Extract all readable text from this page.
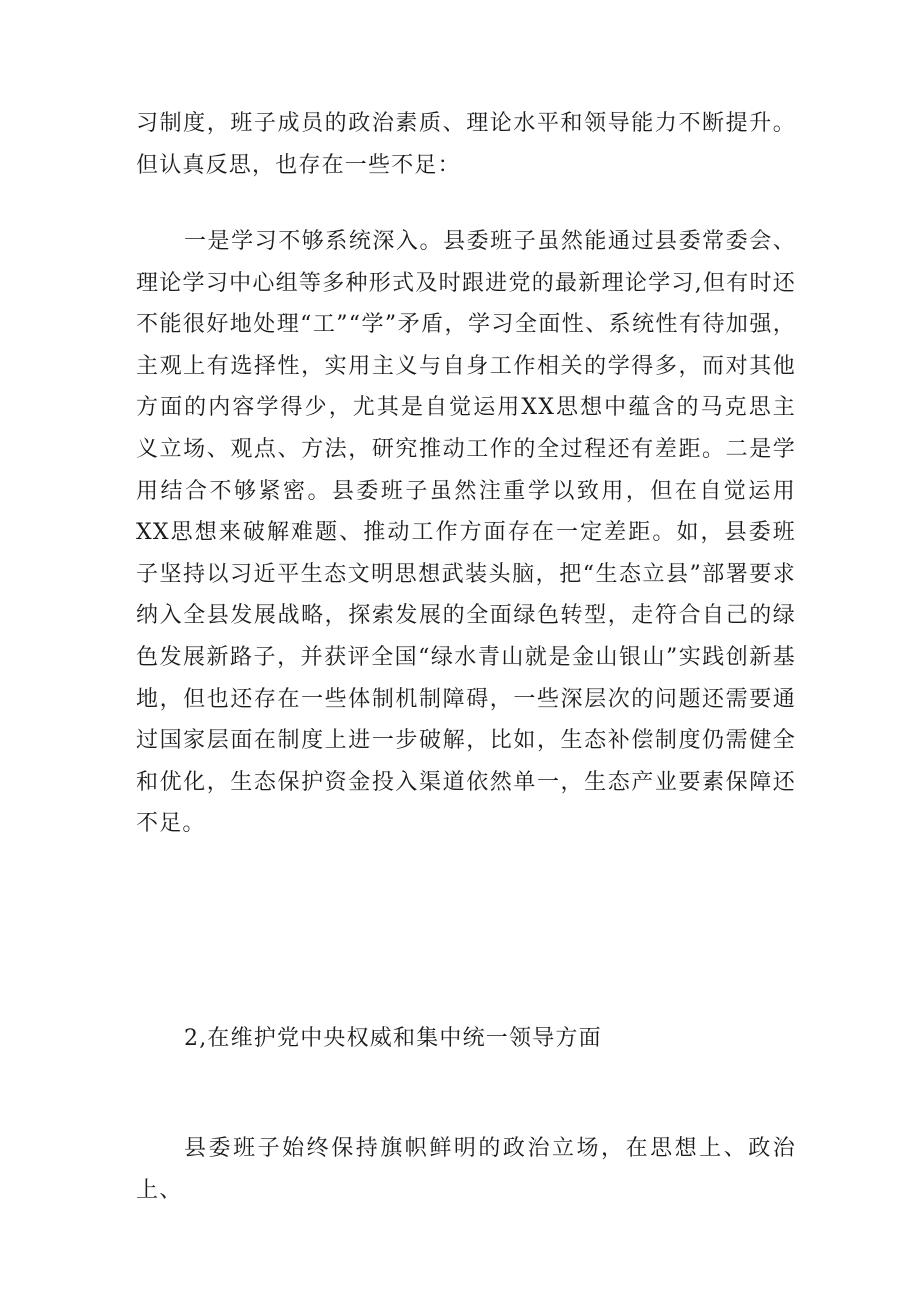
习制度，班子成员的政治素质、理论水平和领导能力不断提升。但认真反思，也存在一些不足：

一是学习不够系统深入。县委班子虽然能通过县委常委会、理论学习中心组等多种形式及时跟进党的最新理论学习,但有时还不能很好地处理“工”“学”矛盾，学习全面性、系统性有待加强，主观上有选择性，实用主义与自身工作相关的学得多，而对其他方面的内容学得少，尤其是自觉运用XX思想中蕴含的马克思主义立场、观点、方法，研究推动工作的全过程还有差距。二是学用结合不够紧密。县委班子虽然注重学以致用，但在自觉运用XX思想来破解难题、推动工作方面存在一定差距。如，县委班子坚持以习近平生态文明思想武装头脑，把“生态立县”部署要求纳入全县发展战略，探索发展的全面绿色转型，走符合自己的绿色发展新路子，并获评全国“绿水青山就是金山银山”实践创新基地，但也还存在一些体制机制障碍，一些深层次的问题还需要通过国家层面在制度上进一步破解，比如，生态补偿制度仍需健全和优化，生态保护资金投入渠道依然单一，生态产业要素保障还不足。

2,在维护党中央权威和集中统一领导方面

县委班子始终保持旗帜鲜明的政治立场，在思想上、政治上、
